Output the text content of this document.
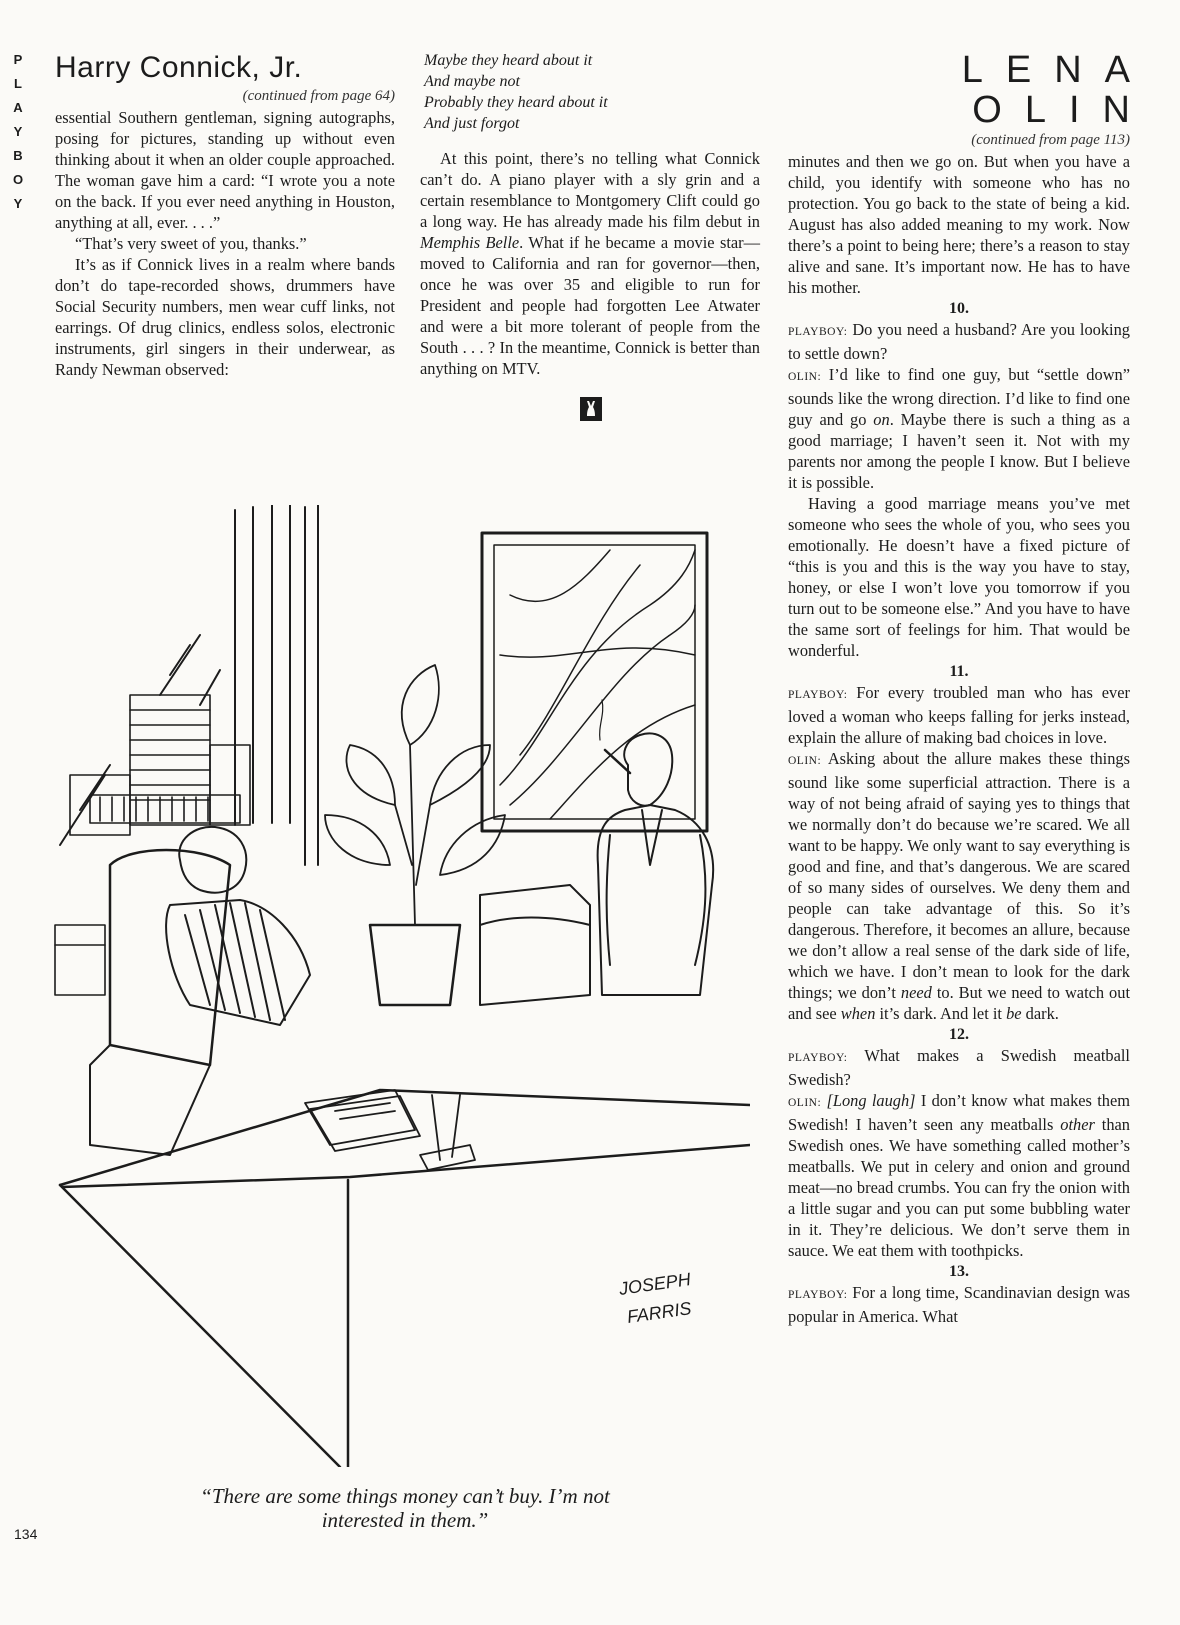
P
L
A
Y
B
O
Y
Harry Connick, Jr.

(continued from page 64)

essential Southern gentleman, signing autographs, posing for pictures, standing up without even thinking about it when an older couple approached. The woman gave him a card: “I wrote you a note on the back. If you ever need anything in Houston, anything at all, ever. . . .”

“That’s very sweet of you, thanks.”

It’s as if Connick lives in a realm where bands don’t do tape-recorded shows, drummers have Social Security numbers, men wear cuff links, not earrings. Of drug clinics, endless solos, electronic instruments, girl singers in their underwear, as Randy Newman observed:

Maybe they heard about it
And maybe not
Probably they heard about it
And just forgot

At this point, there’s no telling what Connick can’t do. A piano player with a sly grin and a certain resemblance to Montgomery Clift could go a long way. He has already made his film debut in Memphis Belle. What if he became a movie star—moved to California and ran for governor—then, once he was over 35 and eligible to run for President and people had forgotten Lee Atwater and were a bit more tolerant of people from the South . . . ? In the meantime, Connick is better than anything on MTV.

LENA OLIN

(continued from page 113)

minutes and then we go on. But when you have a child, you identify with someone who has no protection. You go back to the state of being a kid. August has also added meaning to my work. Now there’s a point to being here; there’s a reason to stay alive and sane. It’s important now. He has to have his mother.

10.

PLAYBOY: Do you need a husband? Are you looking to settle down?

OLIN: I’d like to find one guy, but “settle down” sounds like the wrong direction. I’d like to find one guy and go on. Maybe there is such a thing as a good marriage; I haven’t seen it. Not with my parents nor among the people I know. But I believe it is possible.

Having a good marriage means you’ve met someone who sees the whole of you, who sees you emotionally. He doesn’t have a fixed picture of “this is you and this is the way you have to stay, honey, or else I won’t love you tomorrow if you turn out to be someone else.” And you have to have the same sort of feelings for him. That would be wonderful.

11.

PLAYBOY: For every troubled man who has ever loved a woman who keeps falling for jerks instead, explain the allure of making bad choices in love.

OLIN: Asking about the allure makes these things sound like some superficial attraction. There is a way of not being afraid of saying yes to things that we normally don’t do because we’re scared. We all want to be happy. We only want to say everything is good and fine, and that’s dangerous. We are scared of so many sides of ourselves. We deny them and people can take advantage of this. So it’s dangerous. Therefore, it becomes an allure, because we don’t allow a real sense of the dark side of life, which we have. I don’t mean to look for the dark things; we don’t need to. But we need to watch out and see when it’s dark. And let it be dark.

12.

PLAYBOY: What makes a Swedish meatball Swedish?

OLIN: [Long laugh] I don’t know what makes them Swedish! I haven’t seen any meatballs other than Swedish ones. We have something called mother’s meatballs. We put in celery and onion and ground meat—no bread crumbs. You can fry the onion with a little sugar and you can put some bubbling water in it. They’re delicious. We don’t serve them in sauce. We eat them with toothpicks.

13.

PLAYBOY: For a long time, Scandinavian design was popular in America. What

JOSEPH
FARRIS

“There are some things money can’t buy. I’m not interested in them.”

134
